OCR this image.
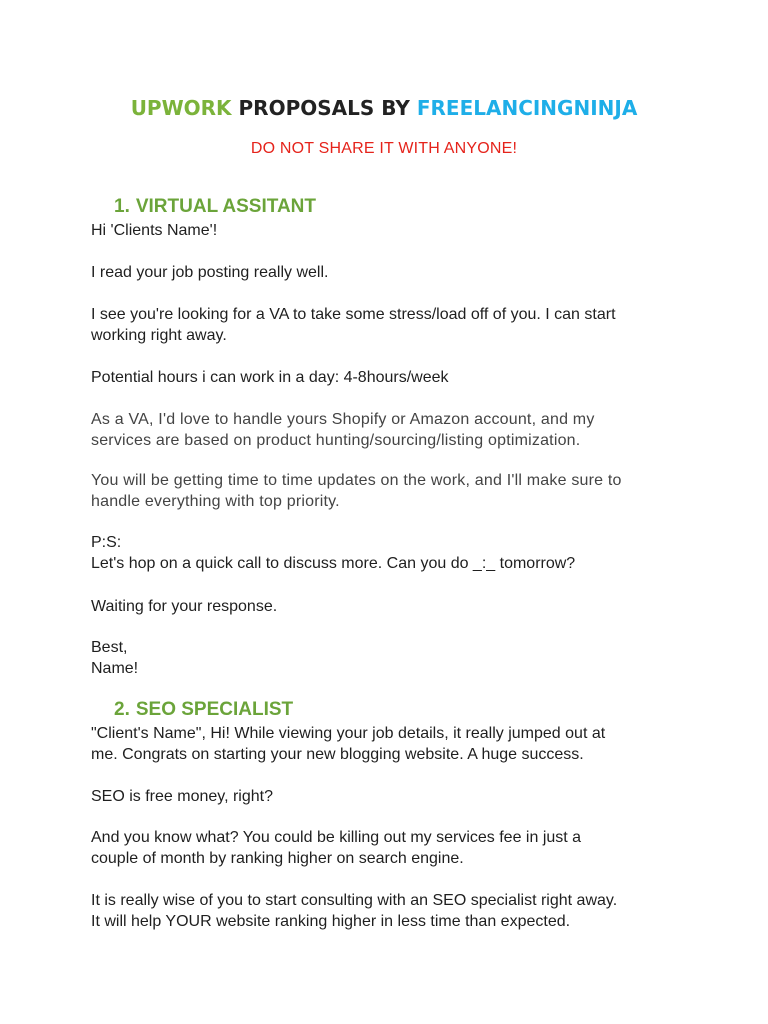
UPWORK PROPOSALS BY FREELANCINGNINJA
DO NOT SHARE IT WITH ANYONE!
1. VIRTUAL ASSITANT
Hi 'Clients Name'!
I read your job posting really well.
I see you're looking for a VA to take some stress/load off of you. I can start
working right away.
Potential hours i can work in a day: 4-8hours/week
As a VA, I'd love to handle yours Shopify or Amazon account, and my
services are based on product hunting/sourcing/listing optimization.
You will be getting time to time updates on the work, and I'll make sure to
handle everything with top priority.
P:S:
Let's hop on a quick call to discuss more. Can you do _:_ tomorrow?
Waiting for your response.
Best,
Name!
2. SEO SPECIALIST
"Client's Name", Hi! While viewing your job details, it really jumped out at
me. Congrats on starting your new blogging website. A huge success.
SEO is free money, right?
And you know what? You could be killing out my services fee in just a
couple of month by ranking higher on search engine.
It is really wise of you to start consulting with an SEO specialist right away.
It will help YOUR website ranking higher in less time than expected.
